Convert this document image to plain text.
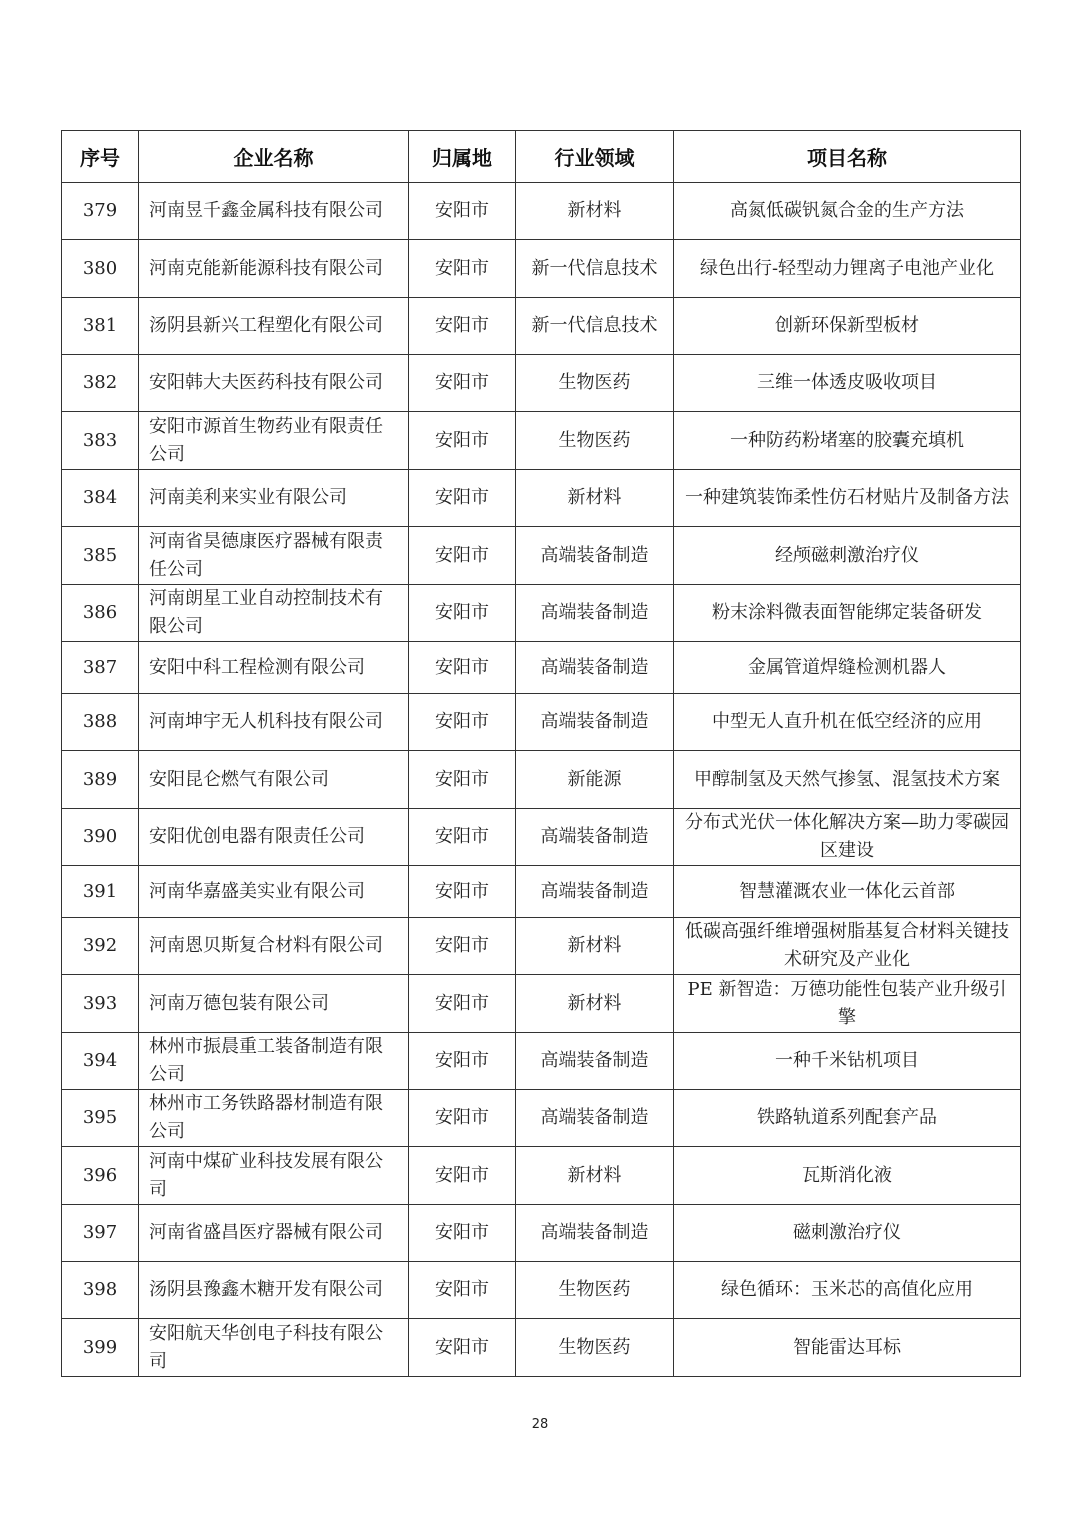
序号	企业名称	归属地	行业领域	项目名称
379	河南昱千鑫金属科技有限公司	安阳市	新材料	高氮低碳钒氮合金的生产方法
380	河南克能新能源科技有限公司	安阳市	新一代信息技术	绿色出行-轻型动力锂离子电池产业化
381	汤阴县新兴工程塑化有限公司	安阳市	新一代信息技术	创新环保新型板材
382	安阳韩大夫医药科技有限公司	安阳市	生物医药	三维一体透皮吸收项目
383	安阳市源首生物药业有限责任公司	安阳市	生物医药	一种防药粉堵塞的胶囊充填机
384	河南美利来实业有限公司	安阳市	新材料	一种建筑装饰柔性仿石材贴片及制备方法
385	河南省昊德康医疗器械有限责任公司	安阳市	高端装备制造	经颅磁刺激治疗仪
386	河南朗星工业自动控制技术有限公司	安阳市	高端装备制造	粉末涂料微表面智能绑定装备研发
387	安阳中科工程检测有限公司	安阳市	高端装备制造	金属管道焊缝检测机器人
388	河南坤宇无人机科技有限公司	安阳市	高端装备制造	中型无人直升机在低空经济的应用
389	安阳昆仑燃气有限公司	安阳市	新能源	甲醇制氢及天然气掺氢、混氢技术方案
390	安阳优创电器有限责任公司	安阳市	高端装备制造	分布式光伏一体化解决方案—助力零碳园区建设
391	河南华嘉盛美实业有限公司	安阳市	高端装备制造	智慧灌溉农业一体化云首部
392	河南恩贝斯复合材料有限公司	安阳市	新材料	低碳高强纤维增强树脂基复合材料关键技术研究及产业化
393	河南万德包装有限公司	安阳市	新材料	PE 新智造：万德功能性包装产业升级引擎
394	林州市振晨重工装备制造有限公司	安阳市	高端装备制造	一种千米钻机项目
395	林州市工务铁路器材制造有限公司	安阳市	高端装备制造	铁路轨道系列配套产品
396	河南中煤矿业科技发展有限公司	安阳市	新材料	瓦斯消化液
397	河南省盛昌医疗器械有限公司	安阳市	高端装备制造	磁刺激治疗仪
398	汤阴县豫鑫木糖开发有限公司	安阳市	生物医药	绿色循环：玉米芯的高值化应用
399	安阳航天华创电子科技有限公司	安阳市	生物医药	智能雷达耳标
28
